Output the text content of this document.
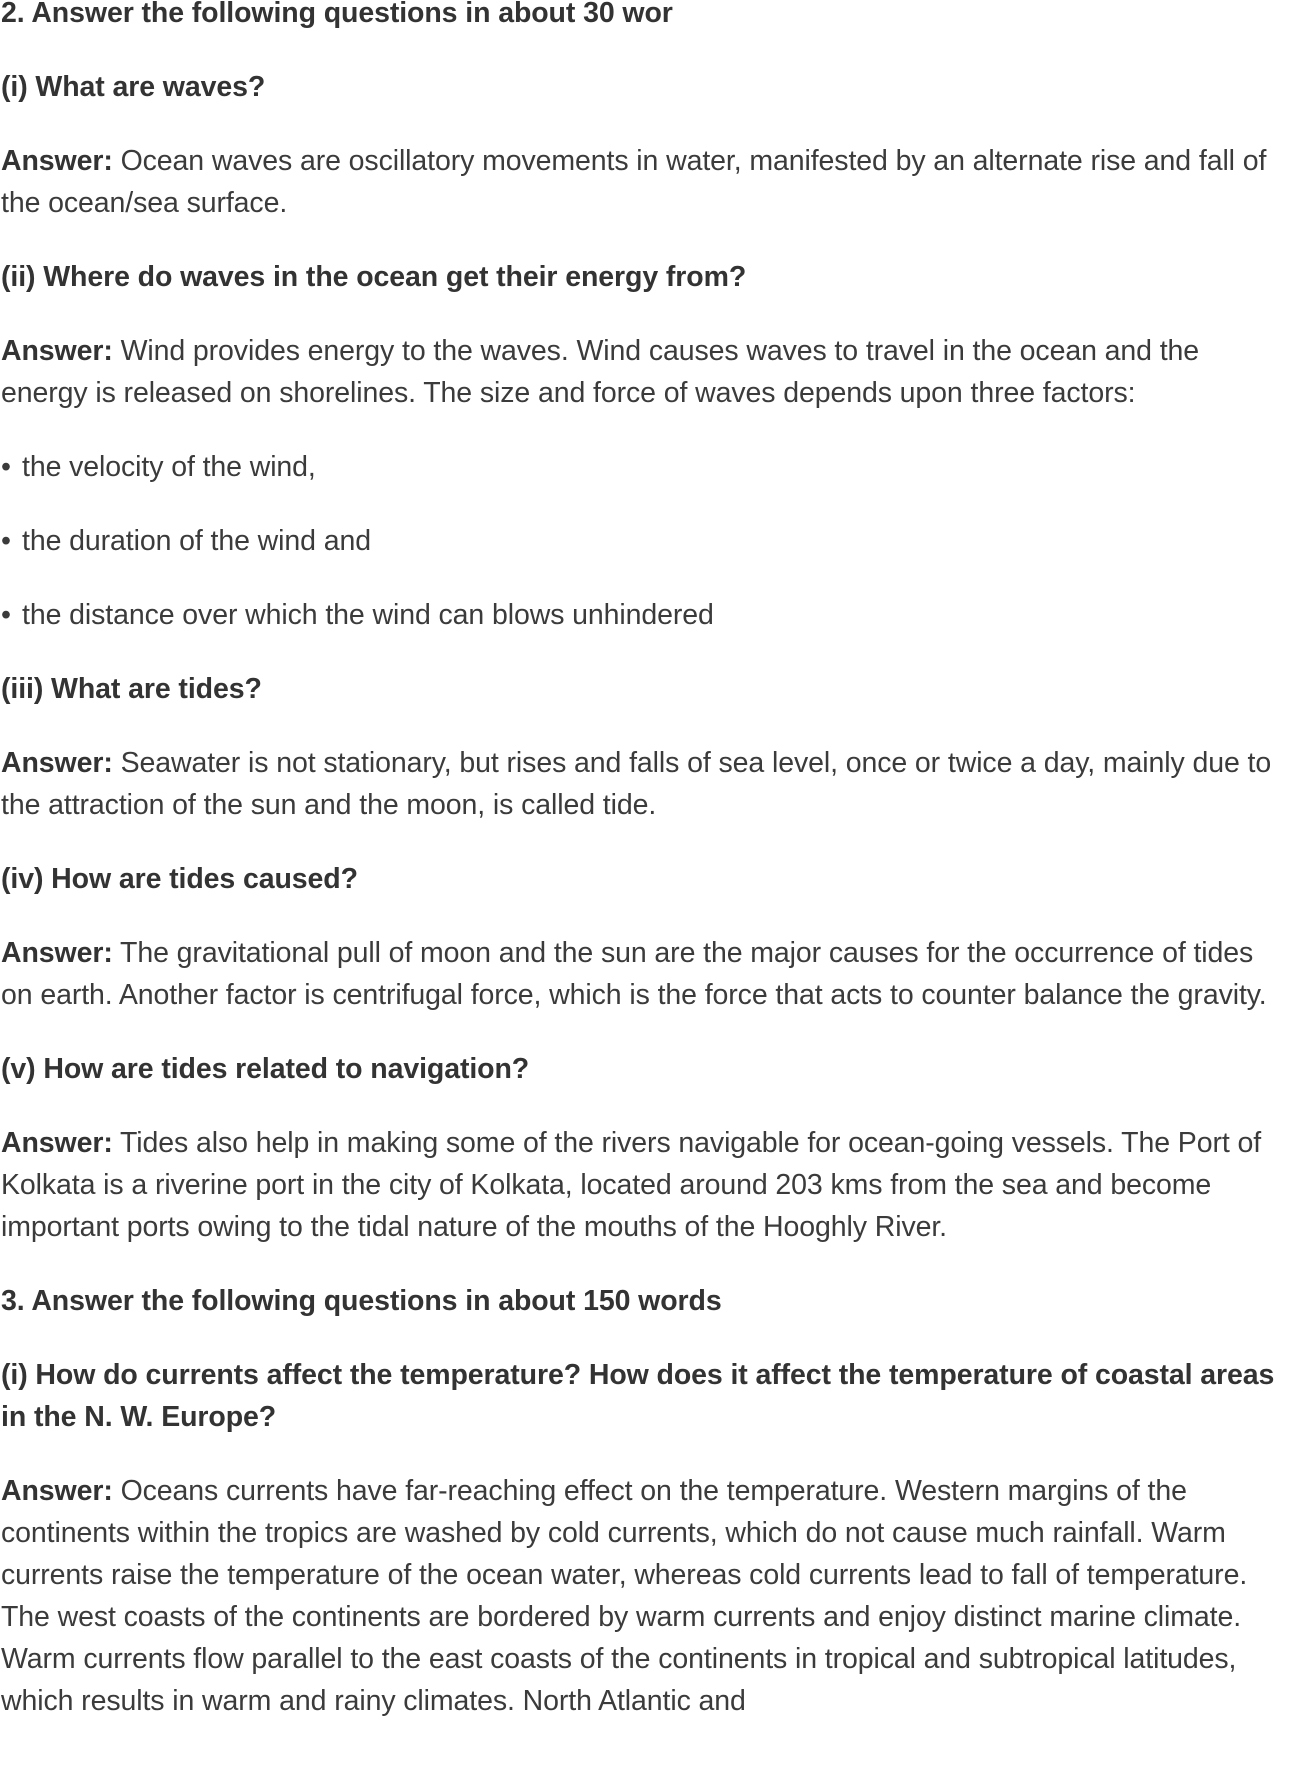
2. Answer the following questions in about 30 wor

(i) What are waves?

Answer: Ocean waves are oscillatory movements in water, manifested by an alternate rise and fall of the ocean/sea surface.

(ii) Where do waves in the ocean get their energy from?

Answer: Wind provides energy to the waves. Wind causes waves to travel in the ocean and the energy is released on shorelines. The size and force of waves depends upon three factors:

• the velocity of the wind,

• the duration of the wind and

• the distance over which the wind can blows unhindered

(iii) What are tides?

Answer: Seawater is not stationary, but rises and falls of sea level, once or twice a day, mainly due to the attraction of the sun and the moon, is called tide.

(iv) How are tides caused?

Answer: The gravitational pull of moon and the sun are the major causes for the occurrence of tides on earth. Another factor is centrifugal force, which is the force that acts to counter balance the gravity.

(v) How are tides related to navigation?

Answer: Tides also help in making some of the rivers navigable for ocean-going vessels. The Port of Kolkata is a riverine port in the city of Kolkata, located around 203 kms from the sea and become important ports owing to the tidal nature of the mouths of the Hooghly River.

3. Answer the following questions in about 150 words

(i) How do currents affect the temperature? How does it affect the temperature of coastal areas in the N. W. Europe?

Answer: Oceans currents have far-reaching effect on the temperature. Western margins of the continents within the tropics are washed by cold currents, which do not cause much rainfall. Warm currents raise the temperature of the ocean water, whereas cold currents lead to fall of temperature. The west coasts of the continents are bordered by warm currents and enjoy distinct marine climate. Warm currents flow parallel to the east coasts of the continents in tropical and subtropical latitudes, which results in warm and rainy climates. North Atlantic and
